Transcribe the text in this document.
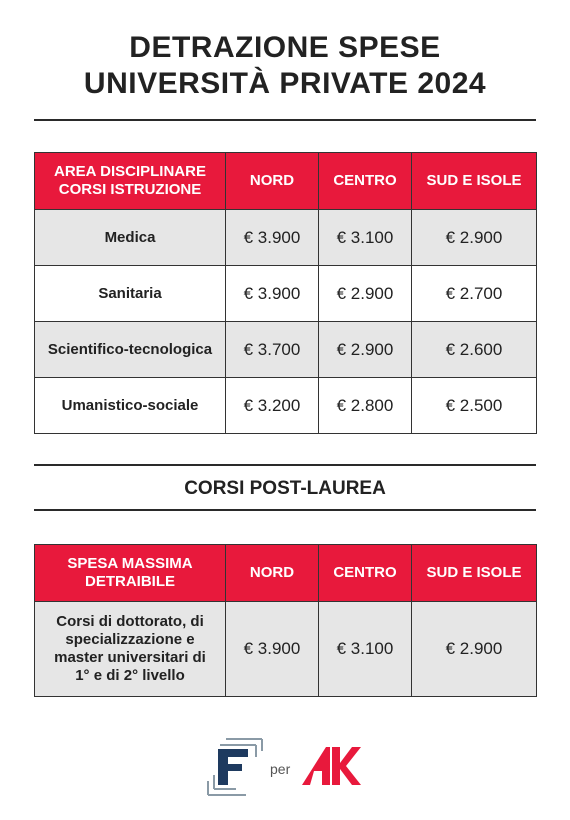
DETRAZIONE SPESE
UNIVERSITÀ PRIVATE 2024
AREA DISCIPLINARE CORSI ISTRUZIONE	NORD	CENTRO	SUD E ISOLE
Medica	€ 3.900	€ 3.100	€ 2.900
Sanitaria	€ 3.900	€ 2.900	€ 2.700
Scientifico-tecnologica	€ 3.700	€ 2.900	€ 2.600
Umanistico-sociale	€ 3.200	€ 2.800	€ 2.500
CORSI POST-LAUREA
SPESA MASSIMA DETRAIBILE	NORD	CENTRO	SUD E ISOLE
Corsi di dottorato, di specializzazione e master universitari di 1° e di 2° livello	€ 3.900	€ 3.100	€ 2.900
per
